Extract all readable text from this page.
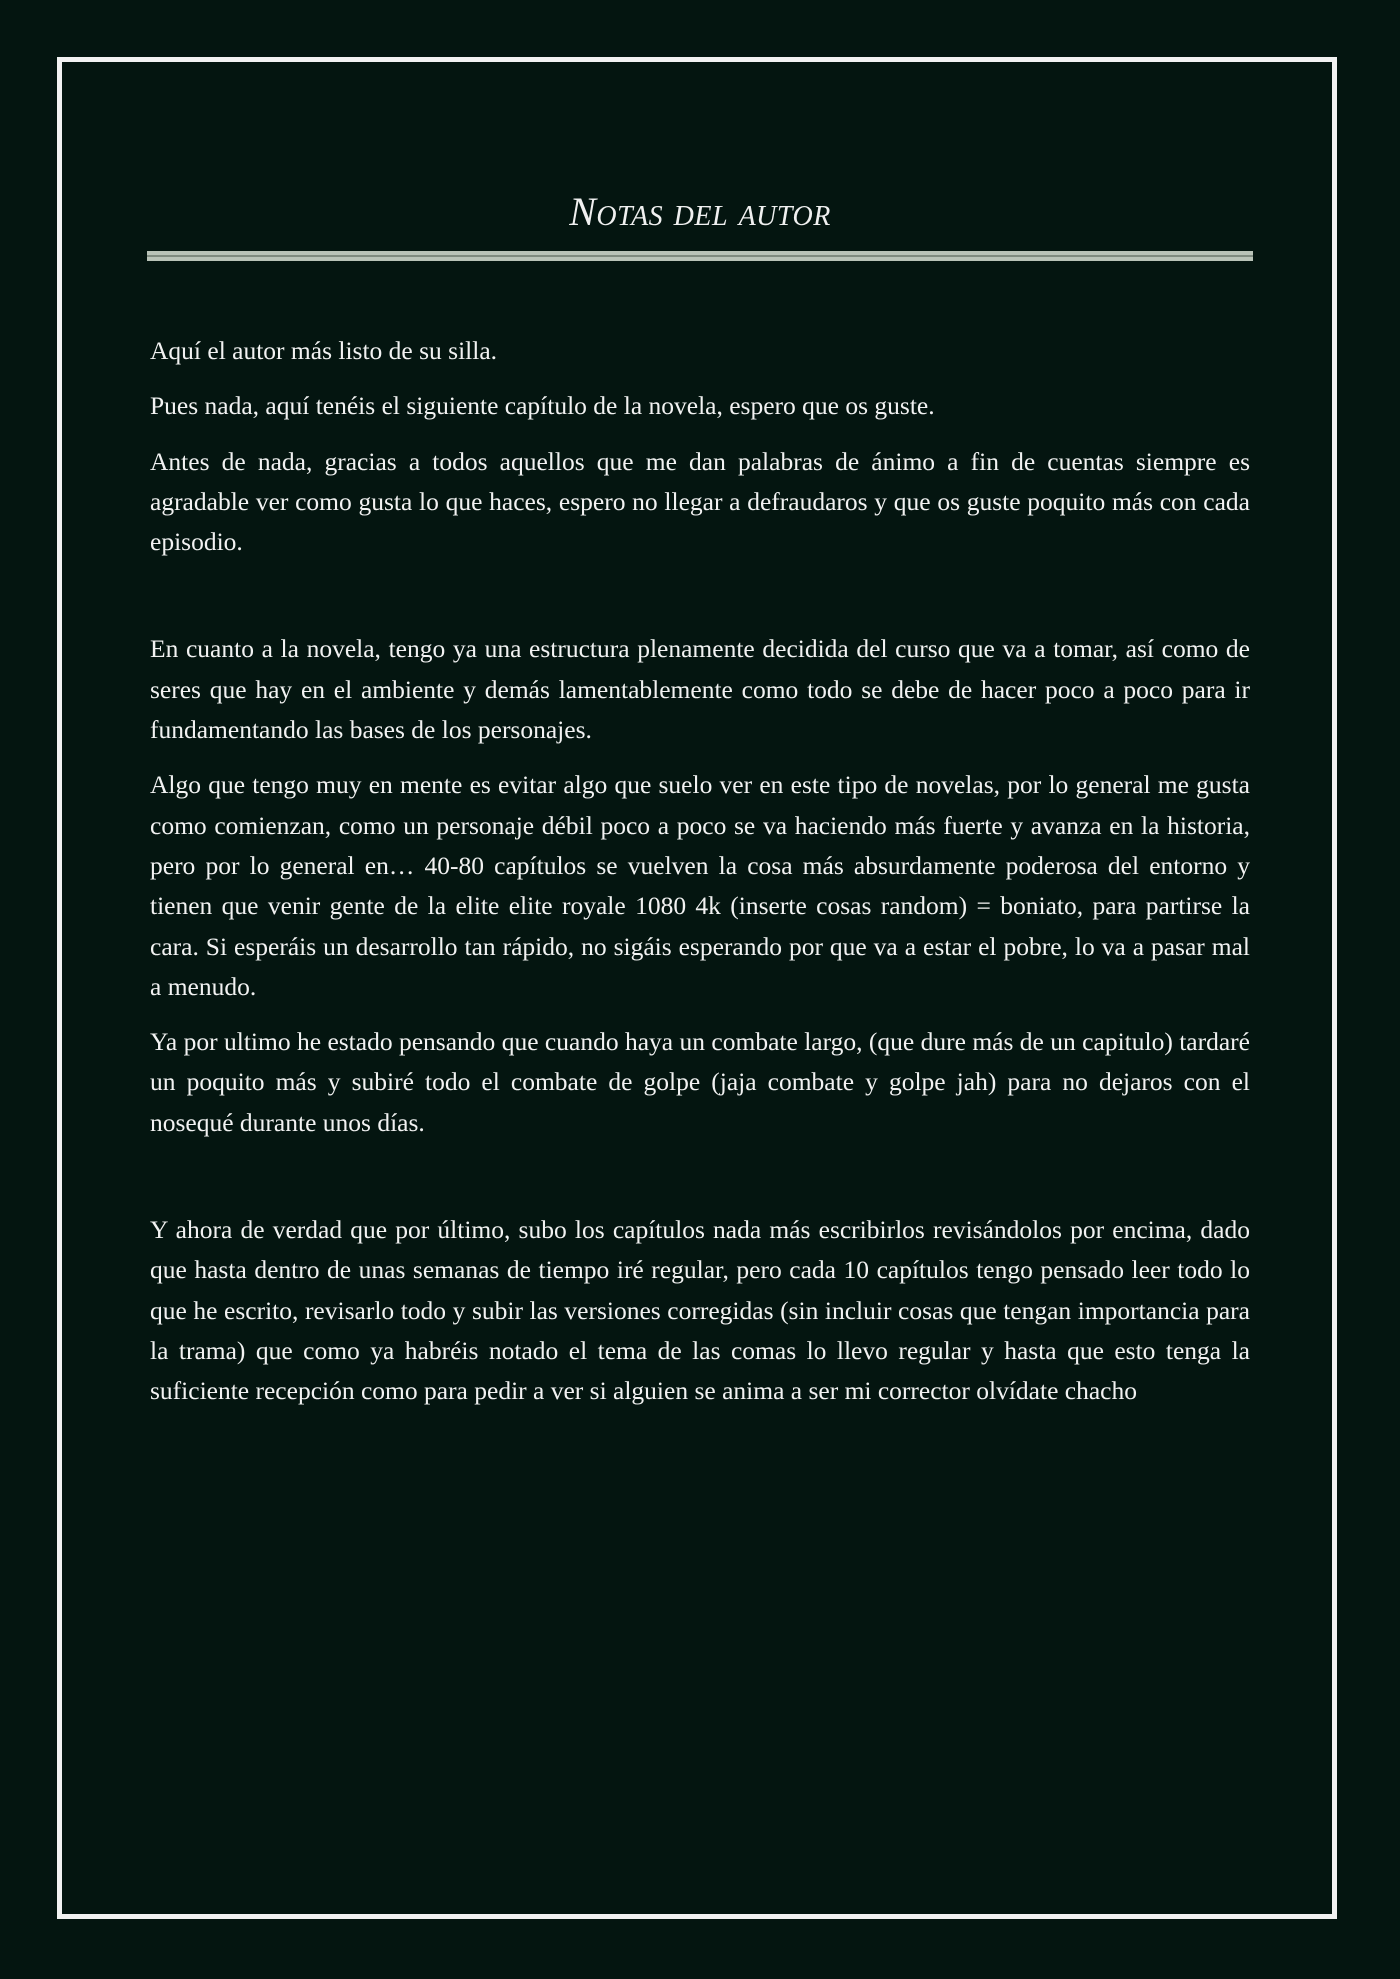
Notas del autor

Aquí el autor más listo de su silla.

Pues nada, aquí tenéis el siguiente capítulo de la novela, espero que os guste.

Antes de nada, gracias a todos aquellos que me dan palabras de ánimo a fin de cuentas siempre es agradable ver como gusta lo que haces, espero no llegar a defraudaros y que os guste poquito más con cada episodio.

En cuanto a la novela, tengo ya una estructura plenamente decidida del curso que va a tomar, así como de seres que hay en el ambiente y demás lamentablemente como todo se debe de hacer poco a poco para ir fundamentando las bases de los personajes.

Algo que tengo muy en mente es evitar algo que suelo ver en este tipo de novelas, por lo general me gusta como comienzan, como un personaje débil poco a poco se va haciendo más fuerte y avanza en la historia, pero por lo general en… 40-80 capítulos se vuelven la cosa más absurdamente poderosa del entorno y tienen que venir gente de la elite elite royale 1080 4k (inserte cosas random) = boniato, para partirse la cara. Si esperáis un desarrollo tan rápido, no sigáis esperando por que va a estar el pobre, lo va a pasar mal a menudo.

Ya por ultimo he estado pensando que cuando haya un combate largo, (que dure más de un capitulo) tardaré un poquito más y subiré todo el combate de golpe (jaja combate y golpe jah) para no dejaros con el nosequé durante unos días.

Y ahora de verdad que por último, subo los capítulos nada más escribirlos revisándolos por encima, dado que hasta dentro de unas semanas de tiempo iré regular, pero cada 10 capítulos tengo pensado leer todo lo que he escrito, revisarlo todo y subir las versiones corregidas (sin incluir cosas que tengan importancia para la trama) que como ya habréis notado el tema de las comas lo llevo regular y hasta que esto tenga la suficiente recepción como para pedir a ver si alguien se anima a ser mi corrector olvídate chacho
